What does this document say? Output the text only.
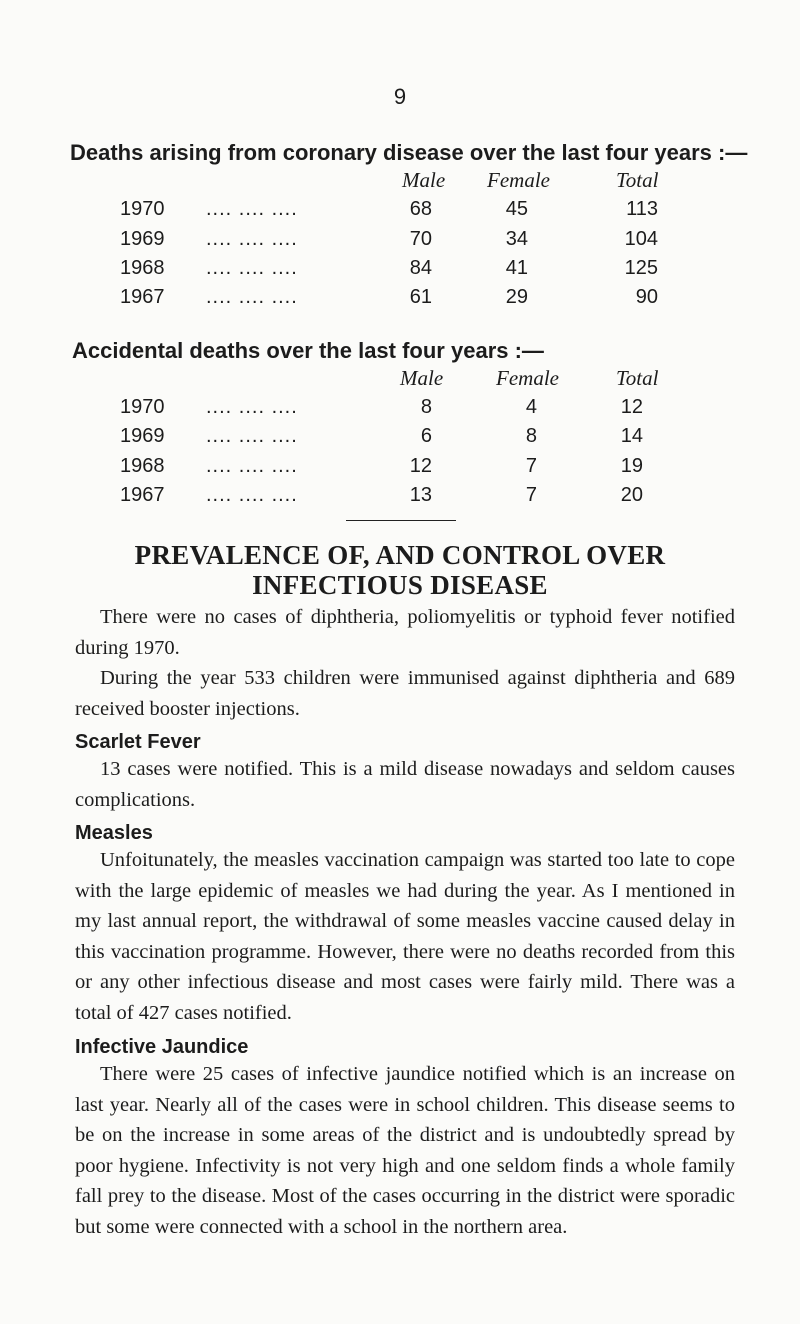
9
Deaths arising from coronary disease over the last four years :—
Male Female	Total
1970 .... .... ....	68	45	113
1969 .... .... ....	70	34	104
1968 .... .... ....	84	41	125
1967 .... .... ....	61	29	90
Accidental deaths over the last four years :—
Male	Female	Total
1970 .... .... ....	8	4	12
1969 .... .... ....	6	8	14
1968 .... .... ....	12	7	19
1967 .... .... ....	13	7	20
PREVALENCE OF, AND CONTROL OVER
INFECTIOUS DISEASE

There were no cases of diphtheria, poliomyelitis or typhoid fever notified during 1970.

During the year 533 children were immunised against diphtheria and 689 received booster injections.

Scarlet Fever

13 cases were notified. This is a mild disease nowadays and seldom causes complications.

Measles

Unfoitunately, the measles vaccination campaign was started too late to cope with the large epidemic of measles we had during the year. As I mentioned in my last annual report, the withdrawal of some measles vaccine caused delay in this vaccination programme. However, there were no deaths recorded from this or any other infectious disease and most cases were fairly mild. There was a total of 427 cases notified.

Infective Jaundice

There were 25 cases of infective jaundice notified which is an increase on last year. Nearly all of the cases were in school children. This disease seems to be on the increase in some areas of the district and is undoubtedly spread by poor hygiene. Infectivity is not very high and one seldom finds a whole family fall prey to the disease. Most of the cases occurring in the district were sporadic but some were connected with a school in the northern area.
